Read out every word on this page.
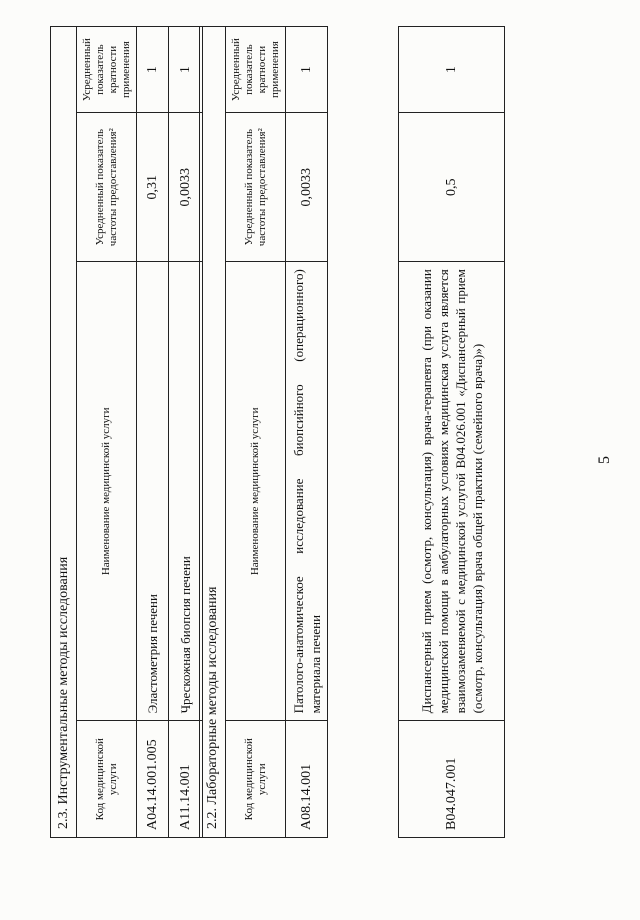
5
B04.047.001	Диспансерный прием (осмотр, консультация) врача-терапевта (при оказании медицинской помощи в амбулаторных условиях медицинская услуга является взаимозаменяемой с медицинской услугой B04.026.001 «Диспансерный прием (осмотр, консультация) врача общей практики (семейного врача)»)	0,5	1
2.2. Лабораторные методы исследования			
Код медицинской услуги	Наименование медицинской услуги	Усредненный показатель частоты предоставления²	Усредненный показатель кратности применения
A08.14.001	Патолого-анатомическое исследование биопсийного (операционного) материала печени	0,0033	1
2.3. Инструментальные методы исследования			
Код медицинской услуги	Наименование медицинской услуги	Усредненный показатель частоты предоставления²	Усредненный показатель кратности применения
A04.14.001.005	Эластометрия печени	0,31	1
A11.14.001	Чрескожная биопсия печени	0,0033	1
